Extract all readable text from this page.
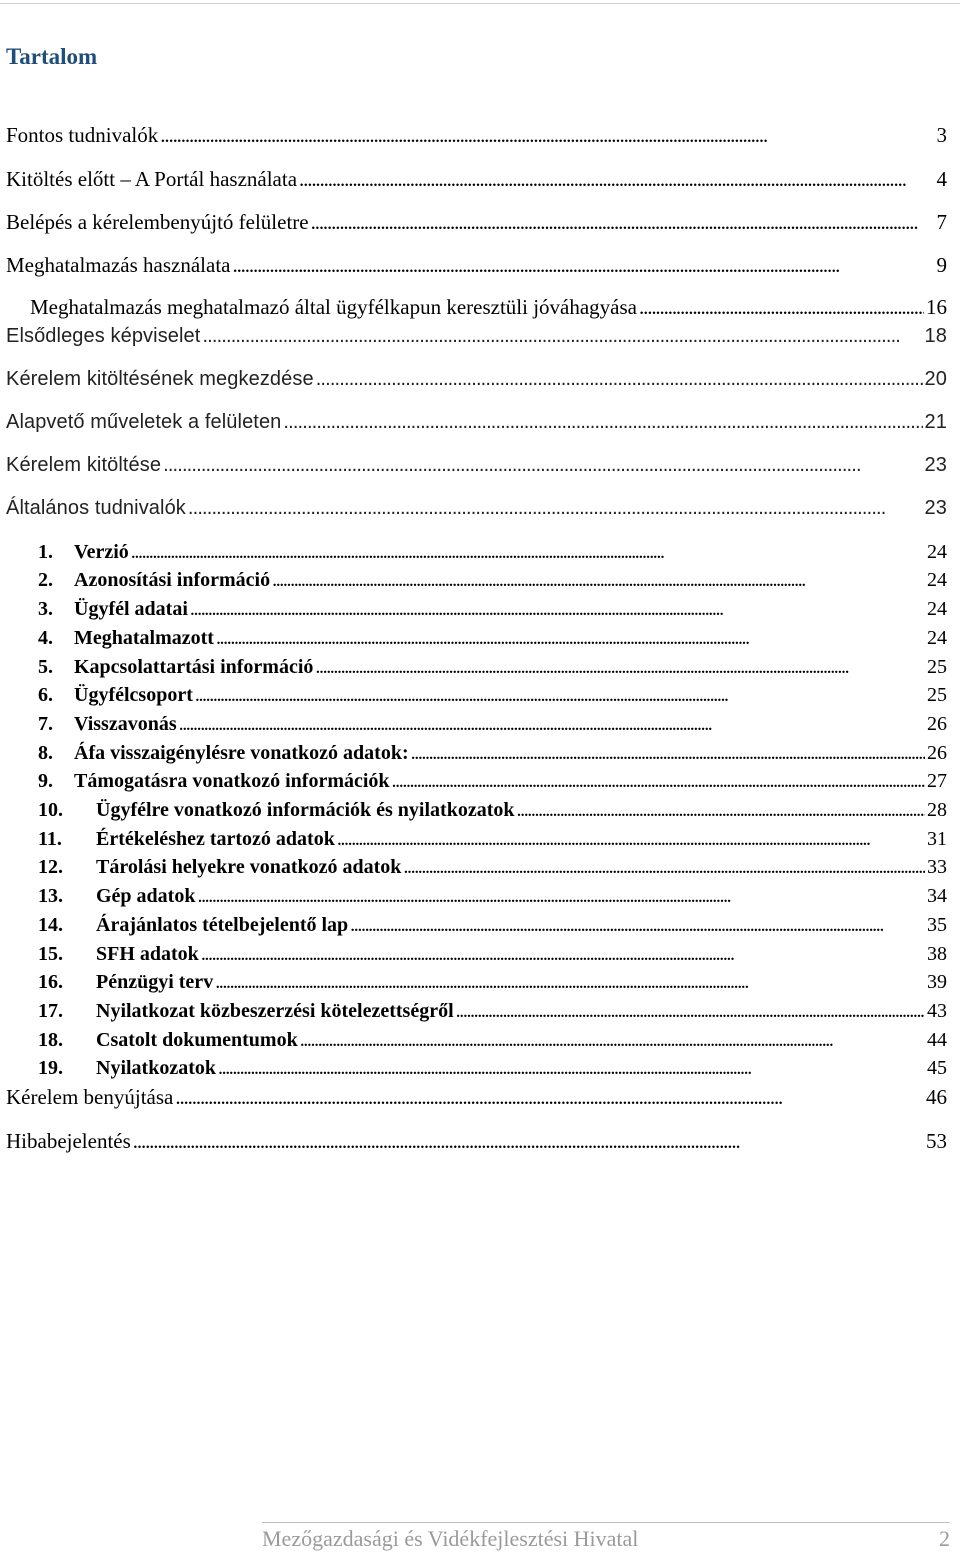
Tartalom
Fontos tudnivalók . . .	3
Kitöltés előtt – A Portál használata . . .	4
Belépés a kérelembenyújtó felületre . . .	7
Meghatalmazás használata . . .	9
Meghatalmazás meghatalmazó által ügyfélkapun keresztüli jóváhagyása . . .	16
Elsődleges képviselet . . .	18
Kérelem kitöltésének megkezdése . . .	20
Alapvető műveletek a felületen . . .	21
Kérelem kitöltése . . .	23
Általános tudnivalók . . .	23
1.	Verzió . . .	24
2.	Azonosítási információ . . .	24
3.	Ügyfél adatai . . .	24
4.	Meghatalmazott . . .	24
5.	Kapcsolattartási információ . . .	25
6.	Ügyfélcsoport . . .	25
7.	Visszavonás . . .	26
8.	Áfa visszaigénylésre vonatkozó adatok: . . .	26
9.	Támogatásra vonatkozó információk . . .	27
10.	Ügyfélre vonatkozó információk és nyilatkozatok . . .	28
11.	Értékeléshez tartozó adatok . . .	31
12.	Tárolási helyekre vonatkozó adatok . . .	33
13.	Gép adatok . . .	34
14.	Árajánlatos tételbejelentő lap . . .	35
15.	SFH adatok . . .	38
16.	Pénzügyi terv . . .	39
17.	Nyilatkozat közbeszerzési kötelezettségről . . .	43
18.	Csatolt dokumentumok . . .	44
19.	Nyilatkozatok . . .	45
Kérelem benyújtása . . .	46
Hibabejelentés . . .	53
Mezőgazdasági és Vidékfejlesztési Hivatal	2
